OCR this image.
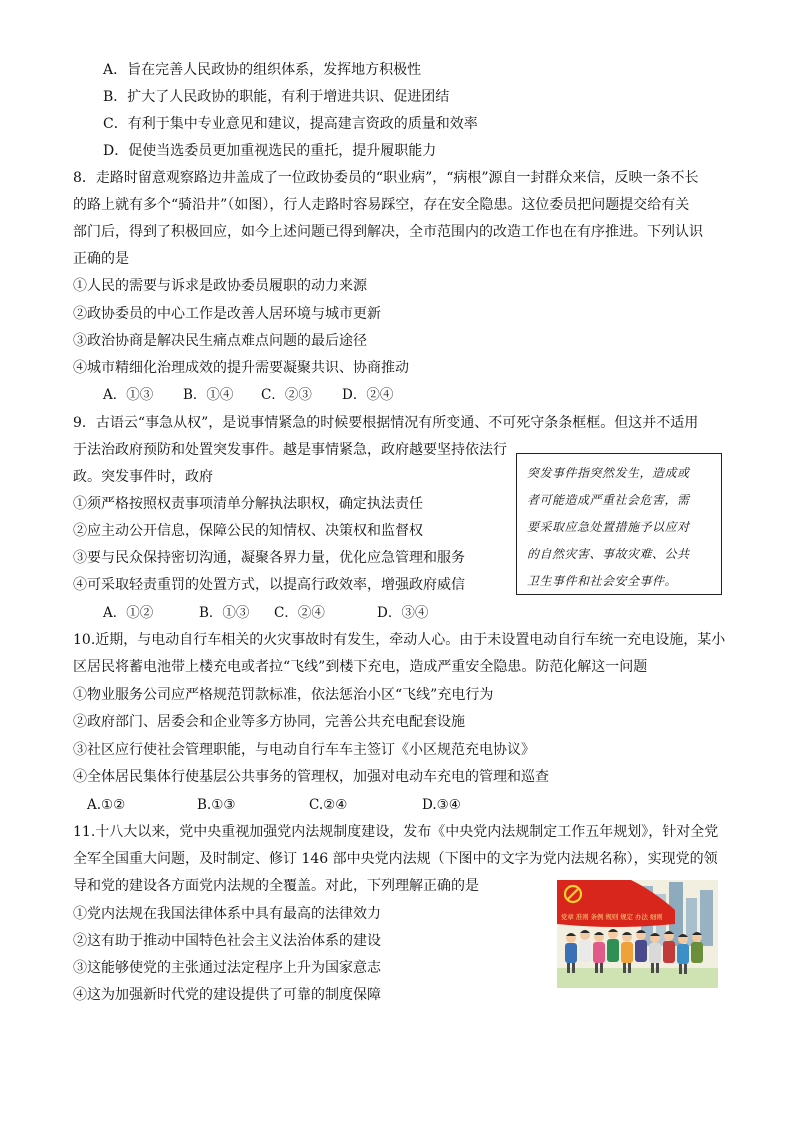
A．旨在完善人民政协的组织体系，发挥地方积极性
B．扩大了人民政协的职能，有利于增进共识、促进团结
C．有利于集中专业意见和建议，提高建言资政的质量和效率
D．促使当选委员更加重视选民的重托，提升履职能力
8．走路时留意观察路边井盖成了一位政协委员的“职业病”，“病根”源自一封群众来信，反映一条不长
的路上就有多个“骑沿井”（如图），行人走路时容易踩空，存在安全隐患。这位委员把问题提交给有关
部门后，得到了积极回应，如今上述问题已得到解决，全市范围内的改造工作也在有序推进。下列认识
正确的是
①人民的需要与诉求是政协委员履职的动力来源
②政协委员的中心工作是改善人居环境与城市更新
③政治协商是解决民生痛点难点问题的最后途径
④城市精细化治理成效的提升需要凝聚共识、协商推动
A．①③ B．①④ C．②③ D．②④
9．古语云“事急从权”，是说事情紧急的时候要根据情况有所变通、不可死守条条框框。但这并不适用
于法治政府预防和处置突发事件。越是事情紧急，政府越要坚持依法行
政。突发事件时，政府
①须严格按照权责事项清单分解执法职权，确定执法责任
②应主动公开信息，保障公民的知情权、决策权和监督权
③要与民众保持密切沟通，凝聚各界力量，优化应急管理和服务
④可采取轻责重罚的处置方式，以提高行政效率，增强政府威信
A．①②	B．①③ C．②④	D．③④
突发事件指突然发生，造成或
者可能造成严重社会危害，需
要采取应急处置措施予以应对
的自然灾害、事故灾难、公共
卫生事件和社会安全事件。
10.近期，与电动自行车相关的火灾事故时有发生，牵动人心。由于未设置电动自行车统一充电设施，某小
区居民将蓄电池带上楼充电或者拉“飞线”到楼下充电，造成严重安全隐患。防范化解这一问题
①物业服务公司应严格规范罚款标准，依法惩治小区“飞线”充电行为
②政府部门、居委会和企业等多方协同，完善公共充电配套设施
③社区应行使社会管理职能，与电动自行车车主签订《小区规范充电协议》
④全体居民集体行使基层公共事务的管理权，加强对电动车充电的管理和巡查
A.①②	B.①③	C.②④	D.③④
11.十八大以来，党中央重视加强党内法规制度建设，发布《中央党内法规制定工作五年规划》，针对全党
全军全国重大问题，及时制定、修订 146 部中央党内法规（下图中的文字为党内法规名称），实现党的领
导和党的建设各方面党内法规的全覆盖。对此，下列理解正确的是
①党内法规在我国法律体系中具有最高的法律效力
②这有助于推动中国特色社会主义法治体系的建设
③这能够使党的主张通过法定程序上升为国家意志
④这为加强新时代党的建设提供了可靠的制度保障
党章 准则 条例 规则 规定 办法 细则
